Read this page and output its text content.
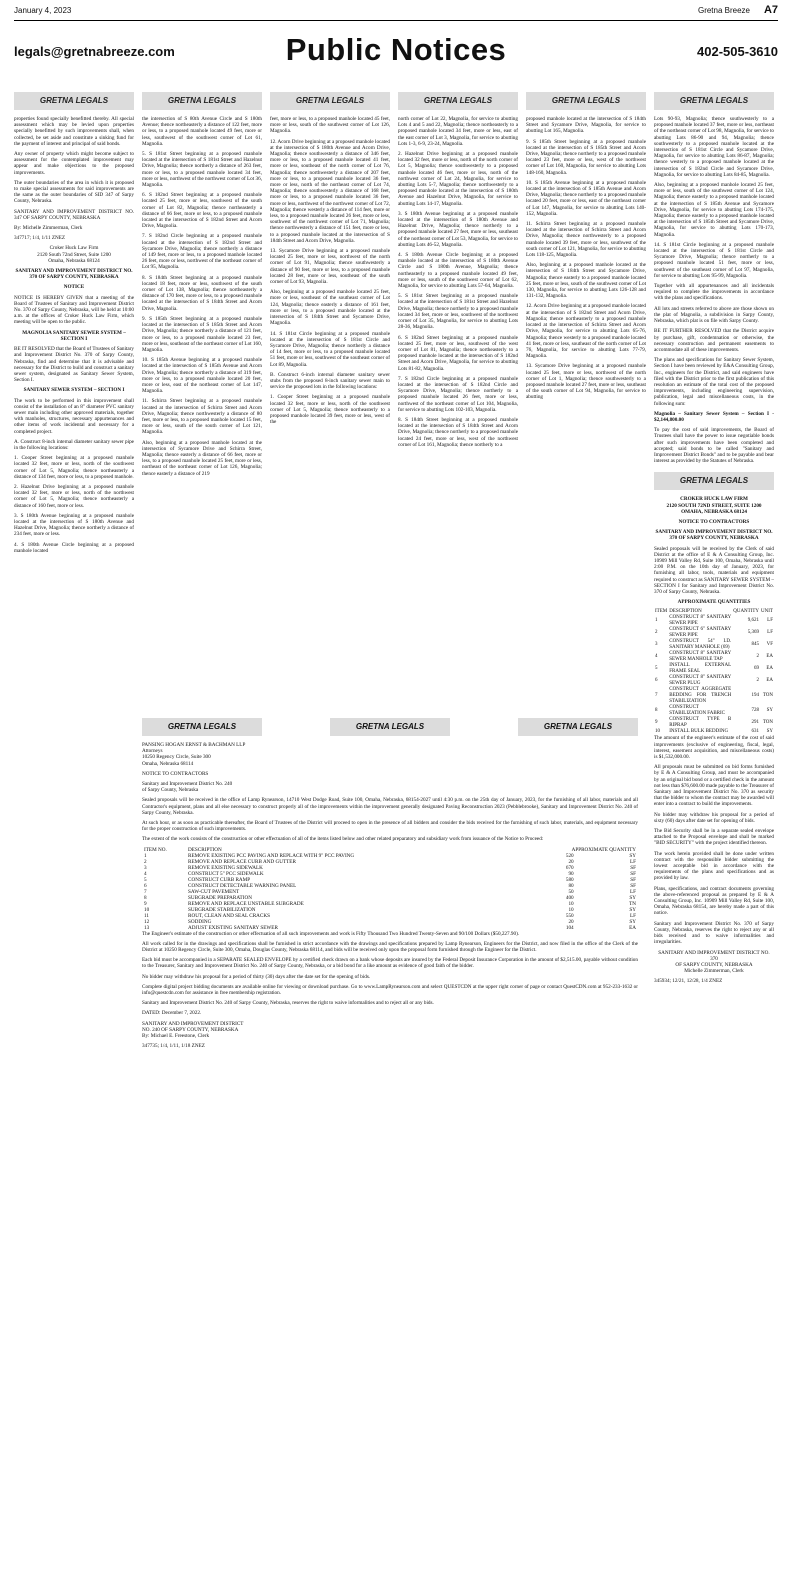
January 4, 2023	Gretna Breeze A7
legals@gretnabreeze.com	Public Notices	402-505-3610
GRETNA LEGALS

properties found specially benefitted thereby. All special assessment which may be levied upon properties specially benefitted by such improvements shall, when collected, be set aside and constitute a sinking fund for the payment of interest and principal of said bonds.

Any owner of property which might become subject to assessment for the contemplated improvement may appear and make objections to the proposed improvements.

The outer boundaries of the area in which it is proposed to make special assessments for said improvements are the same as the outer boundaries of SID 347 of Sarpy County, Nebraska.

SANITARY AND IMPROVEMENT DISTRICT NO. 347 OF SARPY COUNTY, NEBRASKA

By: Michelle Zimmerman, Clerk

347717; 1/4, 1/11 ZNEZ

Croker Huck Law Firm

2120 South 72nd Street, Suite 1200

Omaha, Nebraska 68124

SANITARY AND IMPROVEMENT DISTRICT NO. 370 OF SARPY COUNTY, NEBRASKA

NOTICE

NOTICE IS HEREBY GIVEN that a meeting of the Board of Trustees of Sanitary and Improvement District No. 370 of Sarpy County, Nebraska, will be held at 10:00 a.m. at the offices of Croker Huck Law Firm, which meeting will be open to the public.

MAGNOLIA SANITARY SEWER SYSTEM – SECTION I

BE IT RESOLVED that the Board of Trustees of Sanitary and Improvement District No. 370 of Sarpy County, Nebraska, find and determine that it is advisable and necessary for the District to build and construct a sanitary sewer system, designated as Sanitary Sewer System, Section I.

SANITARY SEWER SYSTEM – SECTION I

The work to be performed in this improvement shall consist of the installation of an 8" diameter PVC sanitary sewer main including other approved materials, together with manholes, structures, necessary appurtenances and other items of work incidental and necessary for a completed project.

A. Construct 8-inch internal diameter sanitary sewer pipe in the following locations:

1. Cooper Street beginning at a proposed manhole located 32 feet, more or less, north of the southwest corner of Lot 5, Magnolia; thence northeasterly a distance of 134 feet, more or less, to a proposed manhole.

2. Hazelnut Drive beginning at a proposed manhole located 32 feet, more or less, north of the northwest corner of Lot 5, Magnolia; thence northeasterly a distance of 160 feet, more or less.

3. S 180th Avenue beginning at a proposed manhole located at the intersection of S 180th Avenue and Hazelnut Drive, Magnolia; thence northerly a distance of 234 feet, more or less.

4. S 180th Avenue Circle beginning at a proposed manhole located

GRETNA LEGALS

the intersection of S 80th Avenue Circle and S 180th Avenue; thence northeasterly a distance of 122 feet, more or less, to a proposed manhole located 49 feet, more or less, southwest of the southwest corner of Lot 61, Magnolia.

5. S 181st Street beginning at a proposed manhole located at the intersection of S 181st Street and Hazelnut Drive, Magnolia; thence northerly a distance of 263 feet, more or less, to a proposed manhole located 34 feet, more or less, northwest of the northwest corner of Lot 36, Magnolia.

6. S 182nd Street beginning at a proposed manhole located 25 feet, more or less, southwest of the south corner of Lot 82, Magnolia; thence northeasterly a distance of 66 feet, more or less, to a proposed manhole located at the intersection of S 182nd Street and Acorn Drive, Magnolia.

7. S 182nd Circle beginning at a proposed manhole located at the intersection of S 182nd Street and Sycamore Drive, Magnolia; thence northerly a distance of 149 feet, more or less, to a proposed manhole located 26 feet, more or less, northwest of the northeast corner of Lot 95, Magnolia.

8. S 184th Street beginning at a proposed manhole located 18 feet, more or less, southwest of the south corner of Lot 138, Magnolia; thence northeasterly a distance of 170 feet, more or less, to a proposed manhole located at the intersection of S 184th Street and Acorn Drive, Magnolia.

9. S 185th Street beginning at a proposed manhole located at the intersection of S 185th Street and Acorn Drive, Magnolia; thence northerly a distance of 121 feet, more or less, to a proposed manhole located 23 feet, more or less, southeast of the northeast corner of Lot 160, Magnolia.

10. S 185th Avenue beginning at a proposed manhole located at the intersection of S 185th Avenue and Acorn Drive, Magnolia; thence northerly a distance of 319 feet, more or less, to a proposed manhole located 20 feet, more or less, east of the northeast corner of Lot 147, Magnolia.

11. Schirra Street beginning at a proposed manhole located at the intersection of Schirra Street and Acorn Drive, Magnolia; thence northwesterly a distance of 80 feet, more or less, to a proposed manhole located 15 feet, more or less, south of the south corner of Lot 121, Magnolia.

Also, beginning at a proposed manhole located at the intersection of Sycamore Drive and Schirra Street, Magnolia; thence easterly a distance of 66 feet, more or less, to a proposed manhole located 25 feet, more or less, northeast of the northeast corner of Lot 126, Magnolia; thence easterly a distance of 219

GRETNA LEGALS

feet, more or less, to a proposed manhole located 45 feet, more or less, south of the southwest corner of Lot 126, Magnolia.

12. Acorn Drive beginning at a proposed manhole located at the intersection of S 180th Avenue and Acorn Drive, Magnolia; thence southwesterly a distance of 346 feet, more or less, to a proposed manhole located 41 feet, more or less, southeast of the north corner of Lot 76, Magnolia; thence northwesterly a distance of 207 feet, more or less, to a proposed manhole located 36 feet, more or less, north of the northeast corner of Lot 74, Magnolia; thence southwesterly a distance of 168 feet, more or less, to a proposed manhole located 36 feet, more or less, northwest of the northwest corner of Lot 72, Magnolia; thence westerly a distance of 114 feet, more or less, to a proposed manhole located 26 feet, more or less, southwest of the northwest corner of Lot 71, Magnolia; thence northwesterly a distance of 151 feet, more or less, to a proposed manhole located at the intersection of S 184th Street and Acorn Drive, Magnolia.

13. Sycamore Drive beginning at a proposed manhole located 25 feet, more or less, northwest of the north corner of Lot 91, Magnolia; thence southwesterly a distance of 90 feet, more or less, to a proposed manhole located 28 feet, more or less, southeast of the south corner of Lot 93, Magnolia.

Also, beginning at a proposed manhole located 25 feet, more or less, southeast of the southeast corner of Lot 124, Magnolia; thence easterly a distance of 161 feet, more or less, to a proposed manhole located at the intersection of S 184th Street and Sycamore Drive, Magnolia.

14. S 181st Circle beginning at a proposed manhole located at the intersection of S 181st Circle and Sycamore Drive, Magnolia; thence northerly a distance of 14 feet, more or less, to a proposed manhole located 51 feet, more or less, southwest of the southeast corner of Lot 89, Magnolia.

B. Construct 6-inch internal diameter sanitary sewer stubs from the proposed 8-inch sanitary sewer main to service the proposed lots in the following locations:

1. Cooper Street beginning at a proposed manhole located 32 feet, more or less, north of the southwest corner of Lot 5, Magnolia; thence northeasterly to a proposed manhole located 39 feet, more or less, west of the

GRETNA LEGALS

north corner of Lot 22, Magnolia, for service to abutting Lots 4 and 5 and 22, Magnolia; thence northeasterly to a proposed manhole located 34 feet, more or less, east of the east corner of Lot 3, Magnolia, for service to abutting Lots 1-3, 6-9, 23-24, Magnolia.

2. Hazelnut Drive beginning at a proposed manhole located 32 feet, more or less, north of the north corner of Lot 5, Magnolia; thence southwesterly to a proposed manhole located 46 feet, more or less, north of the northwest corner of Lot 24, Magnolia, for service to abutting Lots 5-7, Magnolia; thence northwesterly to a proposed manhole located at the intersection of S 180th Avenue and Hazelnut Drive, Magnolia, for service to abutting Lots 14-17, Magnolia.

3. S 180th Avenue beginning at a proposed manhole located at the intersection of S 180th Avenue and Hazelnut Drive, Magnolia; thence northerly to a proposed manhole located 27 feet, more or less, southeast of the northeast corner of Lot 53, Magnolia, for service to abutting Lots 46-52, Magnolia.

4. S 180th Avenue Circle beginning at a proposed manhole located at the intersection of S 180th Avenue Circle and S 180th Avenue, Magnolia; thence northeasterly to a proposed manhole located 49 feet, more or less, south of the southwest corner of Lot 62, Magnolia, for service to abutting Lots 57-64, Magnolia.

5. S 181st Street beginning at a proposed manhole located at the intersection of S 181st Street and Hazelnut Drive, Magnolia; thence northerly to a proposed manhole located 34 feet, more or less, southwest of the northwest corner of Lot 35, Magnolia, for service to abutting Lots 28-36, Magnolia.

6. S 182nd Street beginning at a proposed manhole located 25 feet, more or less, southwest of the west corner of Lot 81, Magnolia; thence northeasterly to a proposed manhole located at the intersection of S 182nd Street and Acorn Drive, Magnolia, for service to abutting Lots 81-82, Magnolia.

7. S 182nd Circle beginning at a proposed manhole located at the intersection of S 182nd Circle and Sycamore Drive, Magnolia; thence northerly to a proposed manhole located 26 feet, more or less, northwest of the northeast corner of Lot 104, Magnolia, for service to abutting Lots 102-103, Magnolia.

8. S 184th Street beginning at a proposed manhole located at the intersection of S 184th Street and Acorn Drive, Magnolia; thence northerly to a proposed manhole located 24 feet, more or less, west of the northwest corner of Lot 161, Magnolia; thence northerly to a

GRETNA LEGALS

proposed manhole located at the intersection of S 184th Street and Sycamore Drive, Magnolia, for service to abutting Lot 165, Magnolia.

9. S 185th Street beginning at a proposed manhole located at the intersection of S 185th Street and Acorn Drive, Magnolia; thence northerly to a proposed manhole located 23 feet, more or less, west of the northwest corner of Lot 160, Magnolia, for service to abutting Lots 148-160, Magnolia.

10. S 185th Avenue beginning at a proposed manhole located at the intersection of S 185th Avenue and Acorn Drive, Magnolia; thence northerly to a proposed manhole located 20 feet, more or less, east of the northeast corner of Lot 147, Magnolia, for service to abutting Lots 140-152, Magnolia.

11. Schirra Street beginning at a proposed manhole located at the intersection of Schirra Street and Acorn Drive, Magnolia; thence northwesterly to a proposed manhole located 39 feet, more or less, southwest of the south corner of Lot 121, Magnolia, for service to abutting Lots 118-125, Magnolia.

Also, beginning at a proposed manhole located at the intersection of S 184th Street and Sycamore Drive, Magnolia; thence easterly to a proposed manhole located 25 feet, more or less, south of the southwest corner of Lot 130, Magnolia, for service to abutting Lots 126-128 and 131-132, Magnolia.

12. Acorn Drive beginning at a proposed manhole located at the intersection of S 182nd Street and Acorn Drive, Magnolia; thence northeasterly to a proposed manhole located at the intersection of Schirra Street and Acorn Drive, Magnolia, for service to abutting Lots 65-76, Magnolia; thence westerly to a proposed manhole located 41 feet, more or less, southeast of the north corner of Lot 76, Magnolia, for service to abutting Lots 77-79, Magnolia.

13. Sycamore Drive beginning at a proposed manhole located 25 feet, more or less, northwest of the north corner of Lot 1, Magnolia; thence southwesterly to a proposed manhole located 27 feet, more or less, southeast of the south corner of Lot 94, Magnolia, for service to abutting

GRETNA LEGALS

Lots 90-93, Magnolia; thence southwesterly to a proposed manhole located 37 feet, more or less, northeast of the northeast corner of Lot 98, Magnolia, for service to abutting Lots 86-90 and 94, Magnolia; thence southwesterly to a proposed manhole located at the intersection of S 181st Circle and Sycamore Drive, Magnolia, for service to abutting Lots 86-87, Magnolia; thence westerly to a proposed manhole located at the intersection of S 182nd Circle and Sycamore Drive, Magnolia, for service to abutting Lots 84-85, Magnolia.

Also, beginning at a proposed manhole located 25 feet, more or less, south of the southwest corner of Lot 124, Magnolia; thence easterly to a proposed manhole located at the intersection of S 185th Avenue and Sycamore Drive, Magnolia, for service to abutting Lots 174-175, Magnolia; thence easterly to a proposed manhole located at the intersection of S 185th Street and Sycamore Drive, Magnolia, for service to abutting Lots 170-173, Magnolia.

14. S 181st Circle beginning at a proposed manhole located at the intersection of S 181st Circle and Sycamore Drive, Magnolia; thence northerly to a proposed manhole located 51 feet, more or less, southwest of the southeast corner of Lot 97, Magnolia, for service to abutting Lots 95-99, Magnolia.

Together with all appurtenances and all incidentals required to complete the improvements in accordance with the plans and specifications.

All lots and streets referred to above are those shown on the plat of Magnolia, a subdivision in Sarpy County, Nebraska, which plat is on file with Sarpy County.

BE IT FURTHER RESOLVED that the District acquire by purchase, gift, condemnation or otherwise, the necessary construction and permanent easements to accommodate all of these improvements.

The plans and specifications for Sanitary Sewer System, Section I have been reviewed by E&A Consulting Group, Inc., engineers for the District, and said engineers have filed with the District prior to the first publication of this resolution an estimate of the total cost of the proposed improvements, including engineering supervision, publication, legal and miscellaneous costs, in the following sum:

Magnolia – Sanitary Sewer System – Section I - $2,144,800.00

To pay the cost of said improvements, the Board of Trustees shall have the power to issue negotiable bonds after such improvements have been completed and accepted; said bonds to be called "Sanitary and Improvement District Bonds" and to be payable and bear interest as provided by the Statutes of Nebraska.

GRETNA LEGALS

CROKER HUCK LAW FIRM

2120 SOUTH 72ND STREET, SUITE 1200

OMAHA, NEBRASKA 68124

NOTICE TO CONTRACTORS

SANITARY AND IMPROVEMENT DISTRICT NO. 370 OF SARPY COUNTY, NEBRASKA

Sealed proposals will be received by the Clerk of said District at the office of E & A Consulting Group, Inc. 10909 Mill Valley Rd, Suite 100, Omaha, Nebraska until 2:00 P.M. on the 10th day of January, 2023, for furnishing all labor, tools, materials and equipment required to construct as SANITARY SEWER SYSTEM – SECTION I for Sanitary and Improvement District No. 370 of Sarpy County, Nebraska.

APPROXIMATE QUANTITIES

ITEM	DESCRIPTION	QUANTITY	UNIT
1	CONSTRUCT 8" SANITARY SEWER PIPE	9,621	LF
2	CONSTRUCT 6" SANITARY SEWER PIPE	5,369	LF
3	CONSTRUCT 54" I.D. SANITARY MANHOLE (69)	845	VF
4	CONSTRUCT 8" SANITARY SEWER MANHOLE TAP	2	EA
5	INSTALL EXTERNAL FRAME SEAL	69	EA
6	CONSTRUCT 8" SANITARY SEWER PLUG	2	EA
7	CONSTRUCT AGGREGATE BEDDING FOR TRENCH STABILIZATION	194	TON
8	CONSTRUCT STABILIZATION FABRIC	728	SY
9	CONSTRUCT TYPE B RIPRAP	291	TON
10	INSTALL BULK BEDDING	631	SY

The amount of the engineer's estimate of the cost of said improvements (exclusive of engineering, fiscal, legal, interest, easement acquisition, and miscellaneous costs) is $1,532,000.00.

All proposals must be submitted on bid forms furnished by E & A Consulting Group, and must be accompanied by an original bid bond or a certified check in the amount not less than $76,600.00 made payable to the Treasurer of Sanitary and Improvement District No. 370 as security that the bidder to whom the contract may be awarded will enter into a contract to build the improvements.

No bidder may withdraw his proposal for a period of sixty (60) days after date set for opening of bids.

The Bid Security shall be in a separate sealed envelope attached to the Proposal envelope and shall be marked "BID SECURITY" with the project identified thereon.

The work herein provided shall be done under written contract with the responsible bidder submitting the lowest acceptable bid in accordance with the requirements of the plans and specifications and as provided by law.

Plans, specifications, and contract documents governing the above-referenced proposal as prepared by E & A Consulting Group, Inc. 10909 Mill Valley Rd, Suite 100, Omaha, Nebraska 68154, are hereby made a part of this notice.

Sanitary and Improvement District No. 370 of Sarpy County, Nebraska, reserves the right to reject any or all bids received and to waive informalities and irregularities.

SANITARY AND IMPROVEMENT DISTRICT NO. 370

OF SARPY COUNTY, NEBRASKA

Michelle Zimmerman, Clerk

345934; 12/21, 12/28, 1/4 ZNEZ

GRETNA LEGALS	GRETNA LEGALS	GRETNA LEGALS

PANSING HOGAN ERNST & BACHMAN LLP

Attorneys

10250 Regency Circle, Suite 300

Omaha, Nebraska 68114

NOTICE TO CONTRACTORS

Sanitary and Improvement District No. 240

of Sarpy County, Nebraska

Sealed proposals will be received in the office of Lamp Rynearson, 14710 West Dodge Road, Suite 100, Omaha, Nebraska, 68154-2027 until 4:30 p.m. on the 25th day of January, 2023, for the furnishing of all labor, materials and all Contractor's equipment, plans and all else necessary to construct properly all of the improvements within the improvement generally designated Paving Reconstruction 2023 (Pebblebrooke), Sanitary and Improvement District No. 240 of Sarpy County, Nebraska.

At such hour, or as soon as practicable thereafter, the Board of Trustees of the District will proceed to open in the presence of all bidders and consider the bids received for the furnishing of such labor, materials, and equipment necessary for the proper construction of such improvements.

The extent of the work consists of the construction or other effectuation of all of the items listed below and other related preparatory and subsidiary work from issuance of the Notice to Proceed:

ITEM NO.	DESCRIPTION	APPROXIMATE QUANTITY	
1	REMOVE EXISTING PCC PAVING AND REPLACE WITH 9" PCC PAVING	520	SY
2	REMOVE AND REPLACE CURB AND GUTTER	20	LF
3	REMOVE EXISTING SIDEWALK	670	SF
4	CONSTRUCT 5" PCC SIDEWALK	90	SF
5	CONSTRUCT CURB RAMP	580	SF
6	CONSTRUCT DETECTABLE WARNING PANEL	80	SF
7	SAW-CUT PAVEMENT	50	LF
8	SUBGRADE PREPARATION	400	SY
9	REMOVE AND REPLACE UNSTABLE SUBGRADE	10	TN
10	SUBGRADE STABILIZATION	10	SY
11	ROUT, CLEAN AND SEAL CRACKS	550	LF
12	SODDING	20	SY
13	ADJUST EXISTING SANITARY SEWER	104	EA

The Engineer's estimate of the construction or other effectuation of all such improvements and work is Fifty Thousand Two Hundred Twenty-Seven and 90/100 Dollars ($50,227.90).

All work called for in the drawings and specifications shall be furnished in strict accordance with the drawings and specifications prepared by Lamp Rynearson, Engineers for the District, and now filed in the office of the Clerk of the District at 10250 Regency Circle, Suite 300, Omaha, Douglas County, Nebraska 68114, and bids will be received only upon the proposal form furnished through the Engineer for the District.

Each bid must be accompanied in a SEPARATE SEALED ENVELOPE by a certified check drawn on a bank whose deposits are insured by the Federal Deposit Insurance Corporation in the amount of $2,515.00, payable without condition to the Treasurer, Sanitary and Improvement District No. 240 of Sarpy County, Nebraska, or a bid bond for a like amount as evidence of good faith of the bidder.

No bidder may withdraw his proposal for a period of thirty (30) days after the date set for the opening of bids.

Complete digital project bidding documents are available online for viewing or download purchase. Go to www.LampRynearson.com and select QUESTCDN at the upper right corner of page or contact QuestCDN.com at 952-233-1632 or info@questcdn.com for assistance in free membership registration.

Sanitary and Improvement District No. 240 of Sarpy County, Nebraska, reserves the right to waive informalities and to reject all or any bids.

DATED: December 7, 2022.

SANITARY AND IMPROVEMENT DISTRICT

NO. 240 OF SARPY COUNTY, NEBRASKA

By: Michael E. Freestone, Clerk

347735; 1/4, 1/11, 1/18 ZNEZ
